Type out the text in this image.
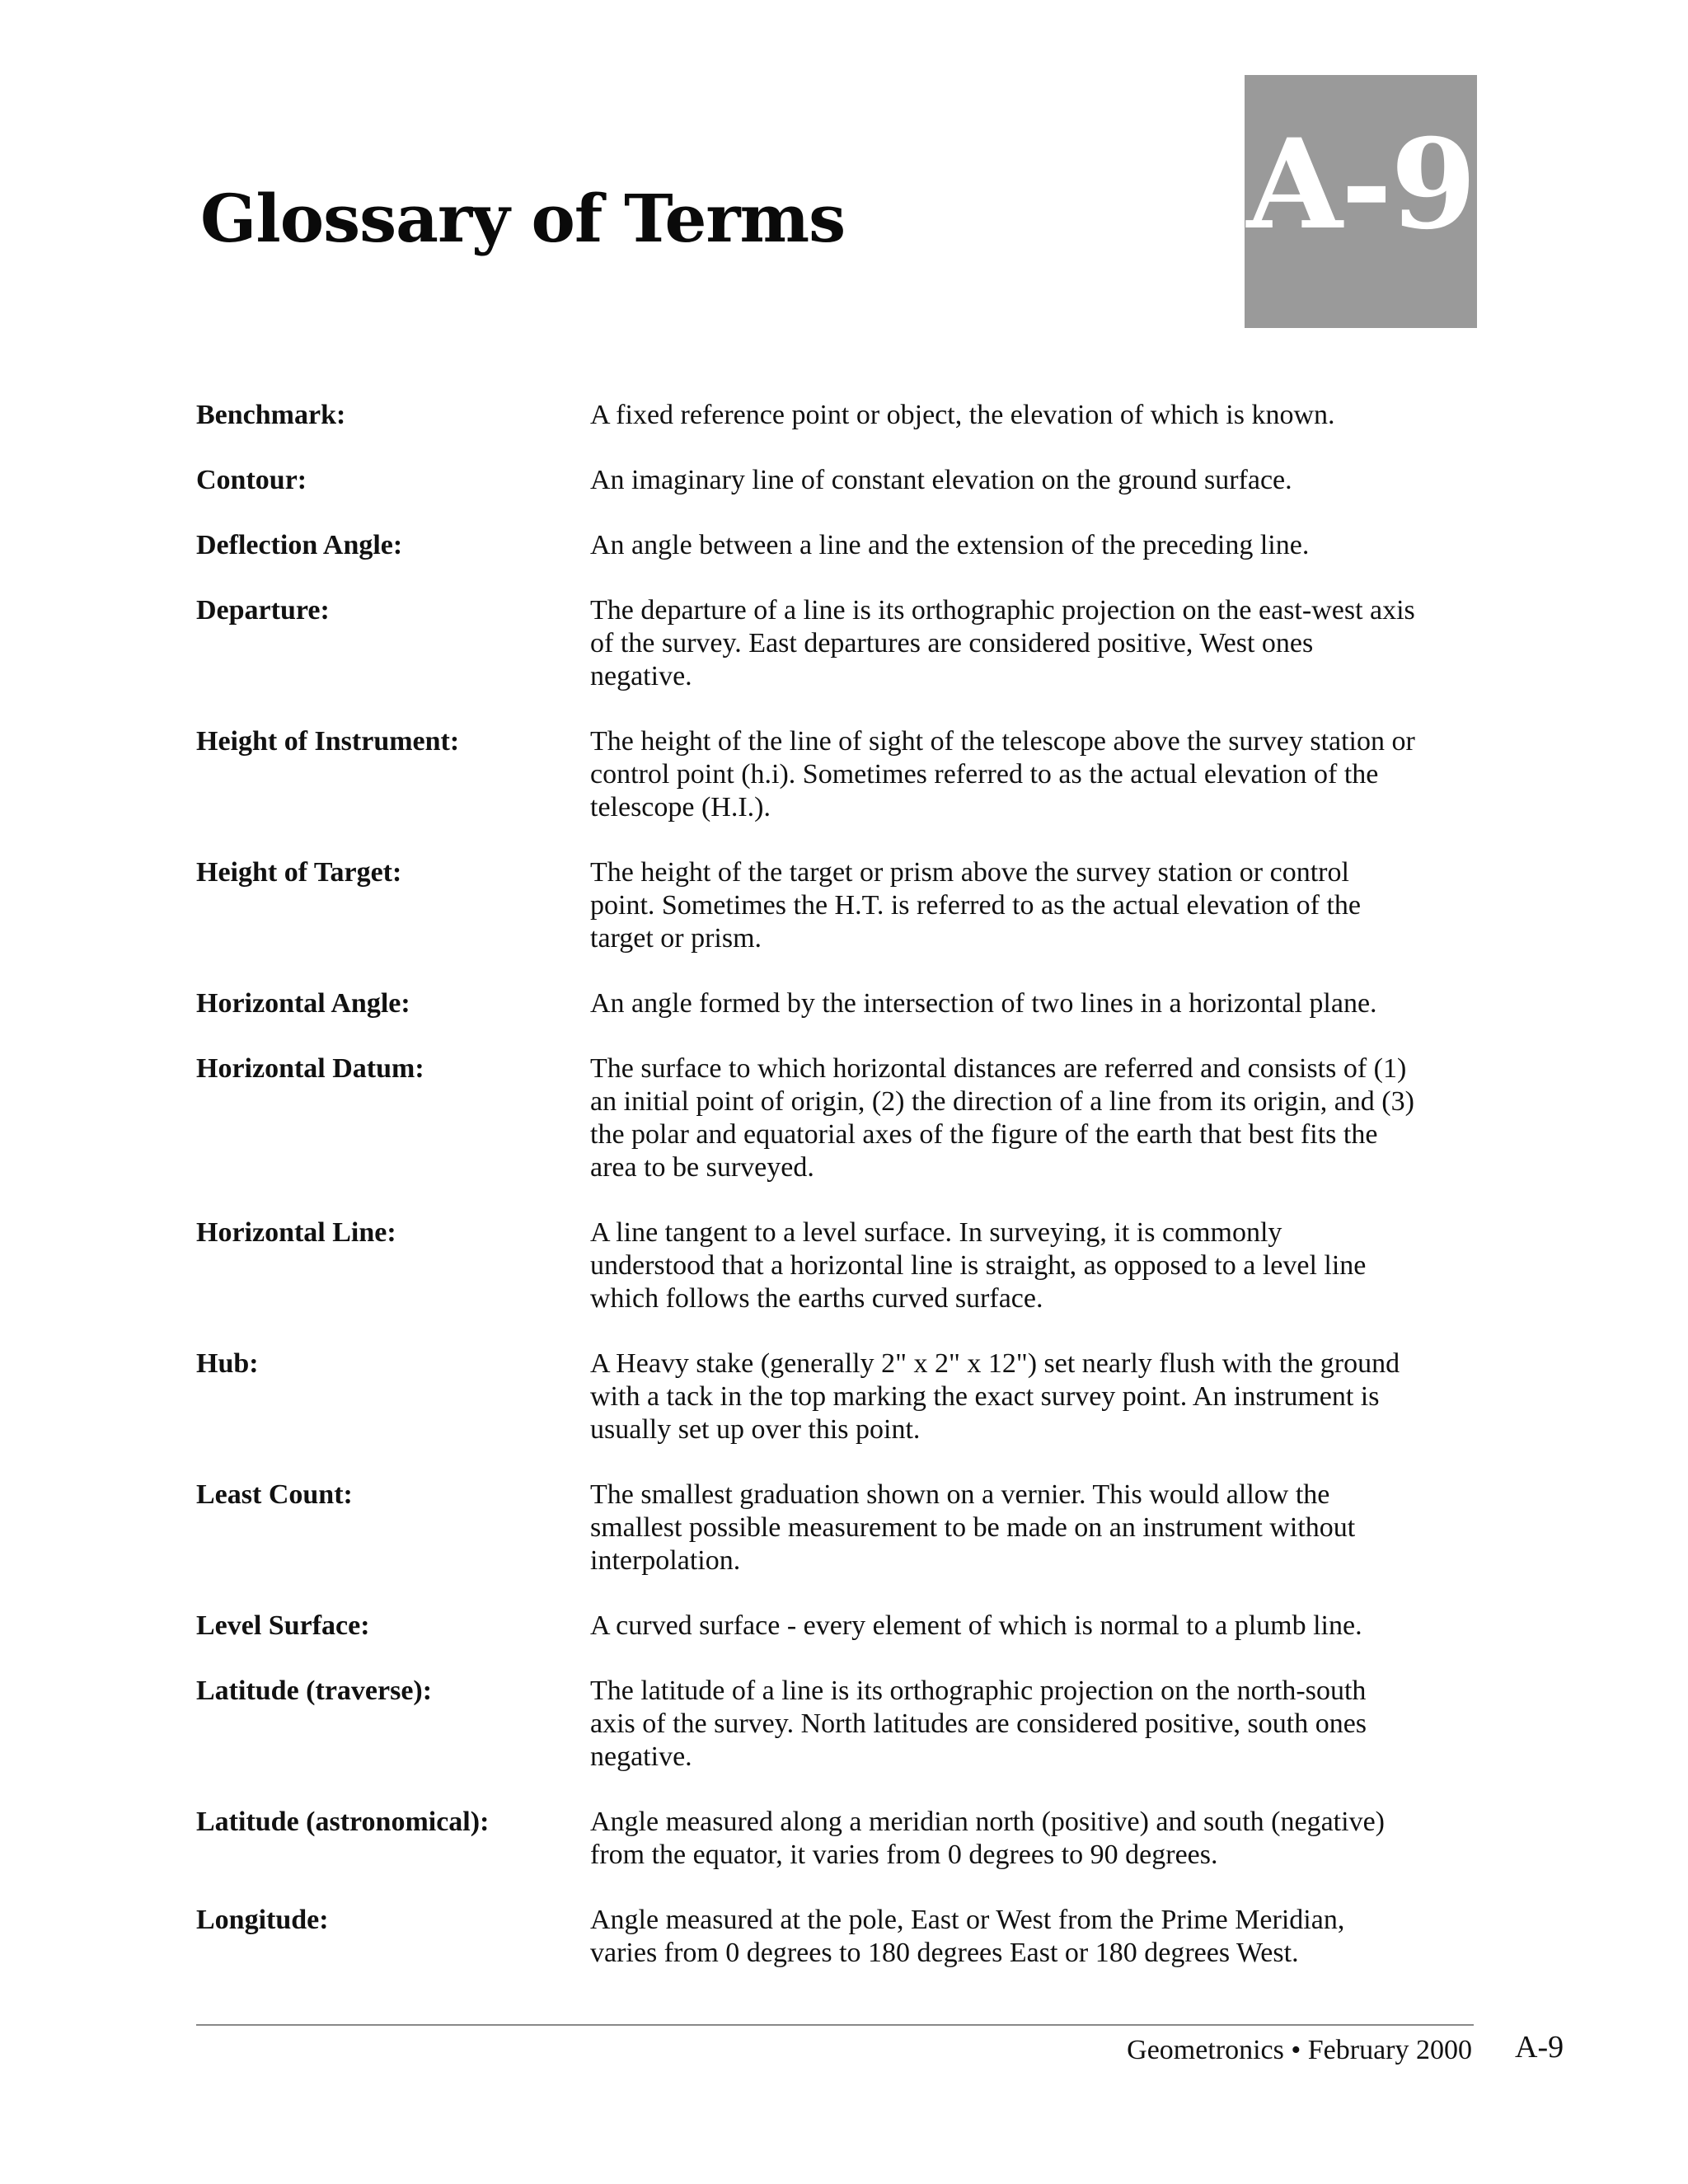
Glossary of Terms	A-9
Benchmark:	A fixed reference point or object, the elevation of which is known.
Contour:	An imaginary line of constant elevation on the ground surface.
Deflection Angle:	An angle between a line and the extension of the preceding line.
Departure:	The departure of a line is its orthographic projection on the east-west axis
of the survey. East departures are considered positive, West ones
negative.
Height of Instrument:	The height of the line of sight of the telescope above the survey station or
control point (h.i). Sometimes referred to as the actual elevation of the
telescope (H.I.).
Height of Target:	The height of the target or prism above the survey station or control
point. Sometimes the H.T. is referred to as the actual elevation of the
target or prism.
Horizontal Angle:	An angle formed by the intersection of two lines in a horizontal plane.
Horizontal Datum:	The surface to which horizontal distances are referred and consists of (1)
an initial point of origin, (2) the direction of a line from its origin, and (3)
the polar and equatorial axes of the figure of the earth that best fits the
area to be surveyed.
Horizontal Line:	A line tangent to a level surface. In surveying, it is commonly
understood that a horizontal line is straight, as opposed to a level line
which follows the earths curved surface.
Hub:	A Heavy stake (generally 2" x 2" x 12") set nearly flush with the ground
with a tack in the top marking the exact survey point. An instrument is
usually set up over this point.
Least Count:	The smallest graduation shown on a vernier. This would allow the
smallest possible measurement to be made on an instrument without
interpolation.
Level Surface:	A curved surface - every element of which is normal to a plumb line.
Latitude (traverse):	The latitude of a line is its orthographic projection on the north-south
axis of the survey. North latitudes are considered positive, south ones
negative.
Latitude (astronomical):	Angle measured along a meridian north (positive) and south (negative)
from the equator, it varies from 0 degrees to 90 degrees.
Longitude:	Angle measured at the pole, East or West from the Prime Meridian,
varies from 0 degrees to 180 degrees East or 180 degrees West.
Geometronics • February 2000 A-9
